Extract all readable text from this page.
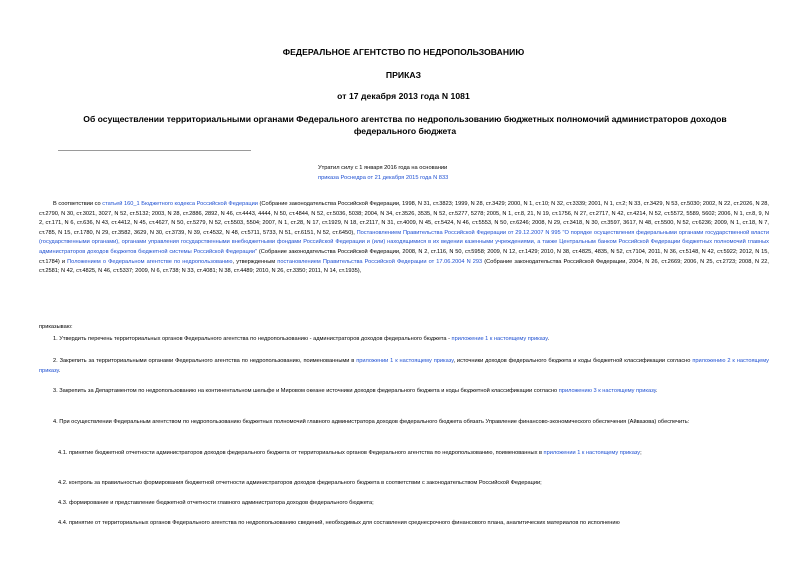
ФЕДЕРАЛЬНОЕ АГЕНТСТВО ПО НЕДРОПОЛЬЗОВАНИЮ
ПРИКАЗ
от 17 декабря 2013 года N 1081
Об осуществлении территориальными органами Федерального агентства по недропользованию бюджетных полномочий администраторов доходов федерального бюджета
Утратил силу с 1 января 2016 года на основании
приказа Роснедра от 21 декабря 2015 года N 833

В соответствии со статьей 160_1 Бюджетного кодекса Российской Федерации (Собрание законодательства Российской Федерации, 1998, N 31, ст.3823; 1999, N 28, ст.3429; 2000, N 1, ст.10; N 32, ст.3339; 2001, N 1, ст.2; N 33, ст.3429, N 53, ст.5030; 2002, N 22, ст.2026, N 28, ст.2790, N 30, ст.3021, 3027, N 52, ст.5132; 2003, N 28, ст.2886, 2892, N 46, ст.4443, 4444, N 50, ст.4844, N 52, ст.5036, 5038; 2004, N 34, ст.3526, 3535, N 52, ст.5277, 5278; 2005, N 1, ст.8, 21, N 19, ст.1756, N 27, ст.2717, N 42, ст.4214, N 52, ст.5572, 5589, 5602; 2006, N 1, ст.8, 9, N 2, ст.171, N 6, ст.636, N 43, ст.4412, N 45, ст.4627, N 50, ст.5279, N 52, ст.5503, 5504; 2007, N 1, ст.28, N 17, ст.1929, N 18, ст.2117, N 31, ст.4009, N 45, ст.5424, N 46, ст.5553, N 50, ст.6246; 2008, N 29, ст.3418, N 30, ст.3597, 3617, N 48, ст.5500, N 52, ст.6236; 2009, N 1, ст.18, N 7, ст.785, N 15, ст.1780, N 29, ст.3582, 3629, N 30, ст.3739, N 39, ст.4532, N 48, ст.5711, 5733, N 51, ст.6151, N 52, ст.6450), Постановлением Правительства Российской Федерации от 29.12.2007 N 995 "О порядке осуществления федеральными органами государственной власти (государственными органами), органами управления государственными внебюджетными фондами Российской Федерации и (или) находящимися в их ведении казенными учреждениями, а также Центральным банком Российской Федерации бюджетных полномочий главных администраторов доходов бюджетов бюджетной системы Российской Федерации" (Собрание законодательства Российской Федерации, 2008, N 2, ст.116, N 50, ст.5958; 2009, N 12, ст.1429; 2010, N 38, ст.4825, 4835, N 52, ст.7104, 2011, N 36, ст.5148, N 42, ст.5922; 2012, N 15, ст.1784) и Положением о Федеральном агентстве по недропользованию, утвержденным постановлением Правительства Российской Федерации от 17.06.2004 N 293 (Собрание законодательства Российской Федерации, 2004, N 26, ст.2669; 2006, N 25, ст.2723; 2008, N 22, ст.2581; N 42, ст.4825, N 46, ст.5337; 2009, N 6, ст.738; N 33, ст.4081; N 38, ст.4489; 2010, N 26, ст.3350; 2011, N 14, ст.1935),

приказываю:

1. Утвердить перечень территориальных органов Федерального агентства по недропользованию - администраторов доходов федерального бюджета - приложение 1 к настоящему приказу.

2. Закрепить за территориальными органами Федерального агентства по недропользованию, поименованными в приложении 1 к настоящему приказу, источники доходов федерального бюджета и коды бюджетной классификации согласно приложению 2 к настоящему приказу.

3. Закрепить за Департаментом по недропользованию на континентальном шельфе и Мировом океане источники доходов федерального бюджета и коды бюджетной классификации согласно приложению 3 к настоящему приказу.

4. При осуществлении Федеральным агентством по недропользованию бюджетных полномочий главного администратора доходов федерального бюджета обязать Управление финансово-экономического обеспечения (Айвазова) обеспечить:

4.1. принятие бюджетной отчетности администраторов доходов федерального бюджета от территориальных органов Федерального агентства по недропользованию, поименованных в приложении 1 к настоящему приказу;

4.2. контроль за правильностью формирования бюджетной отчетности администраторов доходов федерального бюджета в соответствии с законодательством Российской Федерации;

4.3. формирование и представление бюджетной отчетности главного администратора доходов федерального бюджета;

4.4. принятие от территориальных органов Федерального агентства по недропользованию сведений, необходимых для составления среднесрочного финансового плана, аналитических материалов по исполнению
